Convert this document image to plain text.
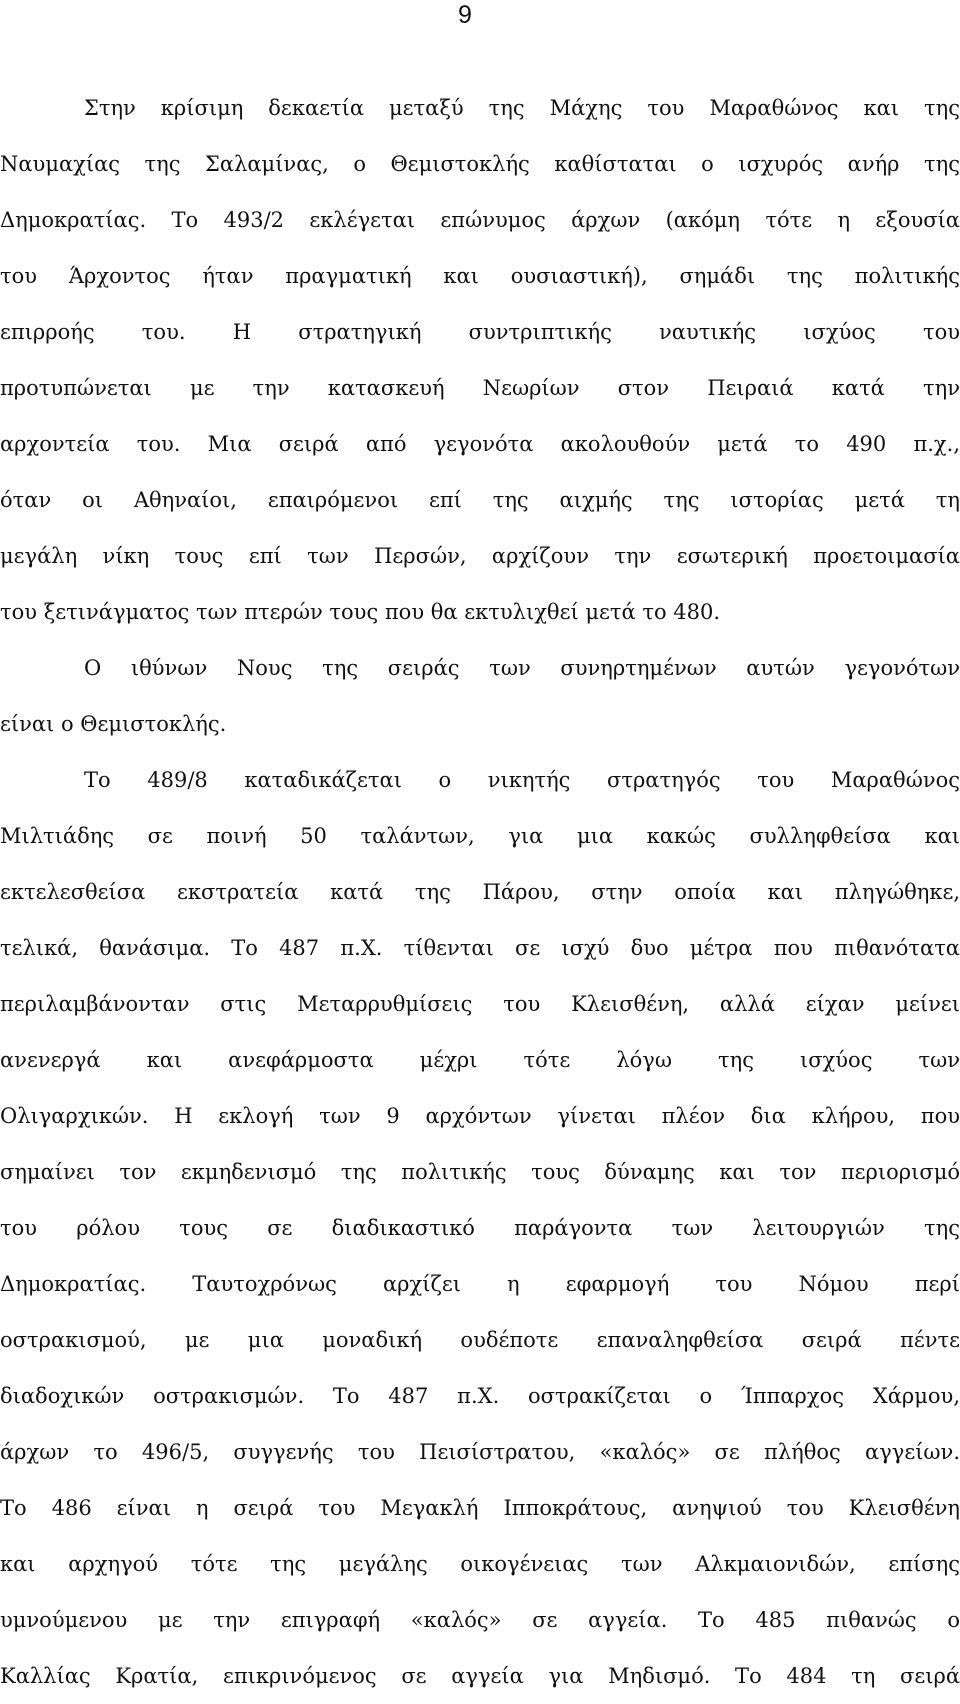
9
Στην κρίσιμη δεκαετία μεταξύ της Μάχης του Μαραθώνος και της
Ναυμαχίας της Σαλαμίνας, ο Θεμιστοκλής καθίσταται ο ισχυρός ανήρ της
Δημοκρατίας. Το 493/2 εκλέγεται επώνυμος άρχων (ακόμη τότε η εξουσία
του Άρχοντος ήταν πραγματική και ουσιαστική), σημάδι της πολιτικής
επιρροής του. Η στρατηγική συντριπτικής ναυτικής ισχύος του
προτυπώνεται με την κατασκευή Νεωρίων στον Πειραιά κατά την
αρχοντεία του. Μια σειρά από γεγονότα ακολουθούν μετά το 490 π.χ.,
όταν οι Αθηναίοι, επαιρόμενοι επί της αιχμής της ιστορίας μετά τη
μεγάλη νίκη τους επί των Περσών, αρχίζουν την εσωτερική προετοιμασία
του ξετινάγματος των πτερών τους που θα εκτυλιχθεί μετά το 480.
Ο ιθύνων Νους της σειράς των συνηρτημένων αυτών γεγονότων
είναι ο Θεμιστοκλής.
Το 489/8 καταδικάζεται ο νικητής στρατηγός του Μαραθώνος
Μιλτιάδης σε ποινή 50 ταλάντων, για μια κακώς συλληφθείσα και
εκτελεσθείσα εκστρατεία κατά της Πάρου, στην οποία και πληγώθηκε,
τελικά, θανάσιμα. Το 487 π.Χ. τίθενται σε ισχύ δυο μέτρα που πιθανότατα
περιλαμβάνονταν στις Μεταρρυθμίσεις του Κλεισθένη, αλλά είχαν μείνει
ανενεργά και ανεφάρμοστα μέχρι τότε λόγω της ισχύος των
Ολιγαρχικών. Η εκλογή των 9 αρχόντων γίνεται πλέον δια κλήρου, που
σημαίνει τον εκμηδενισμό της πολιτικής τους δύναμης και τον περιορισμό
του ρόλου τους σε διαδικαστικό παράγοντα των λειτουργιών της
Δημοκρατίας. Ταυτοχρόνως αρχίζει η εφαρμογή του Νόμου περί
οστρακισμού, με μια μοναδική ουδέποτε επαναληφθείσα σειρά πέντε
διαδοχικών οστρακισμών. Το 487 π.Χ. οστρακίζεται ο Ίππαρχος Χάρμου,
άρχων το 496/5, συγγενής του Πεισίστρατου, «καλός» σε πλήθος αγγείων.
Το 486 είναι η σειρά του Μεγακλή Ιπποκράτους, ανηψιού του Κλεισθένη
και αρχηγού τότε της μεγάλης οικογένειας των Αλκμαιονιδών, επίσης
υμνούμενου με την επιγραφή «καλός» σε αγγεία. Το 485 πιθανώς ο
Καλλίας Κρατία, επικρινόμενος σε αγγεία για Μηδισμό. Το 484 τη σειρά
